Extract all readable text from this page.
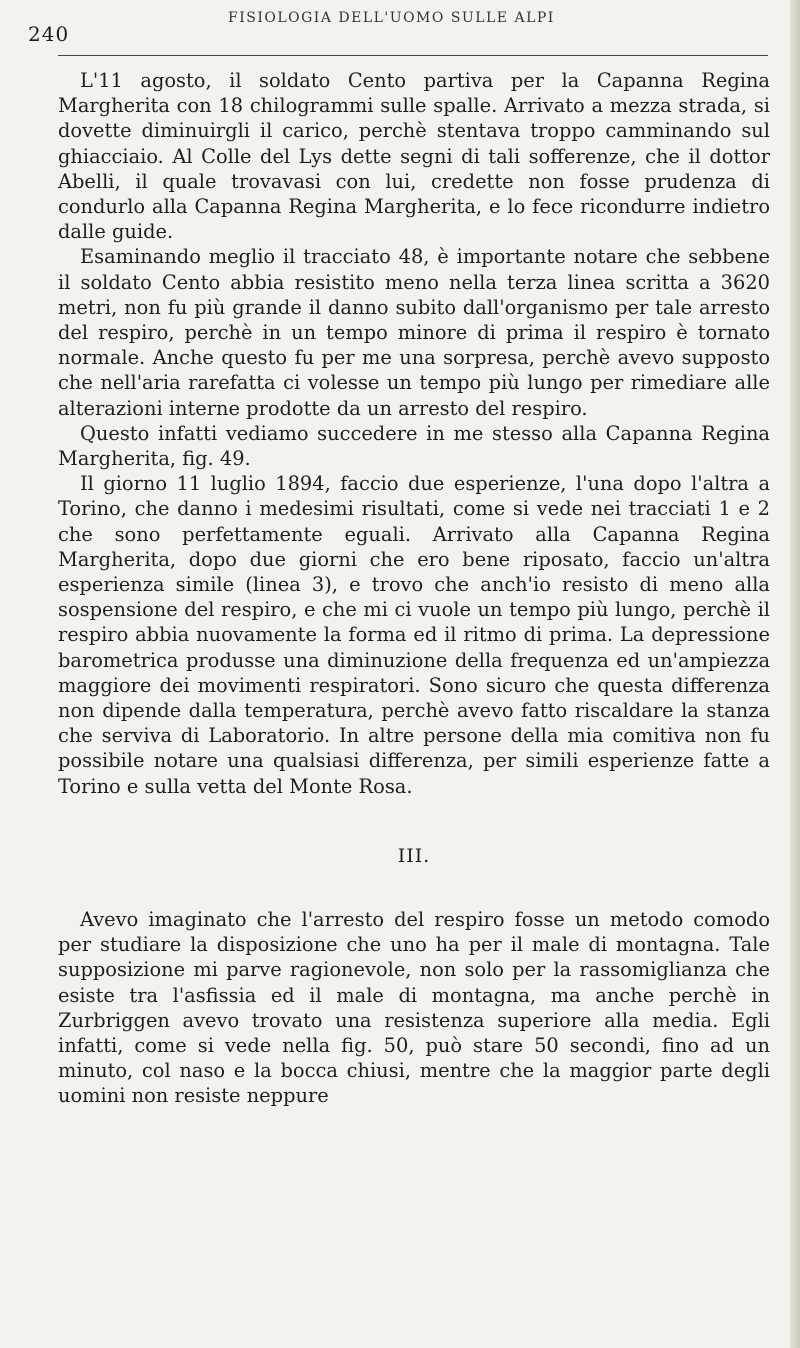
240
FISIOLOGIA DELL'UOMO SULLE ALPI

L'11 agosto, il soldato Cento partiva per la Capanna Regina Margherita con 18 chilogrammi sulle spalle. Arrivato a mezza strada, si dovette diminuirgli il carico, perchè stentava troppo camminando sul ghiacciaio. Al Colle del Lys dette segni di tali sofferenze, che il dottor Abelli, il quale trovavasi con lui, credette non fosse prudenza di condurlo alla Capanna Regina Margherita, e lo fece ricondurre indietro dalle guide.

Esaminando meglio il tracciato 48, è importante notare che sebbene il soldato Cento abbia resistito meno nella terza linea scritta a 3620 metri, non fu più grande il danno subito dall'organismo per tale arresto del respiro, perchè in un tempo minore di prima il respiro è tornato normale. Anche questo fu per me una sorpresa, perchè avevo supposto che nell'aria rarefatta ci volesse un tempo più lungo per rimediare alle alterazioni interne prodotte da un arresto del respiro.

Questo infatti vediamo succedere in me stesso alla Capanna Regina Margherita, fig. 49.

Il giorno 11 luglio 1894, faccio due esperienze, l'una dopo l'altra a Torino, che danno i medesimi risultati, come si vede nei tracciati 1 e 2 che sono perfettamente eguali. Arrivato alla Capanna Regina Margherita, dopo due giorni che ero bene riposato, faccio un'altra esperienza simile (linea 3), e trovo che anch'io resisto di meno alla sospensione del respiro, e che mi ci vuole un tempo più lungo, perchè il respiro abbia nuovamente la forma ed il ritmo di prima. La depressione barometrica produsse una diminuzione della frequenza ed un'ampiezza maggiore dei movimenti respiratori. Sono sicuro che questa differenza non dipende dalla temperatura, perchè avevo fatto riscaldare la stanza che serviva di Laboratorio. In altre persone della mia comitiva non fu possibile notare una qualsiasi differenza, per simili esperienze fatte a Torino e sulla vetta del Monte Rosa.

III.

Avevo imaginato che l'arresto del respiro fosse un metodo comodo per studiare la disposizione che uno ha per il male di montagna. Tale supposizione mi parve ragionevole, non solo per la rassomiglianza che esiste tra l'asfissia ed il male di montagna, ma anche perchè in Zurbriggen avevo trovato una resistenza superiore alla media. Egli infatti, come si vede nella fig. 50, può stare 50 secondi, fino ad un minuto, col naso e la bocca chiusi, mentre che la maggior parte degli uomini non resiste neppure
